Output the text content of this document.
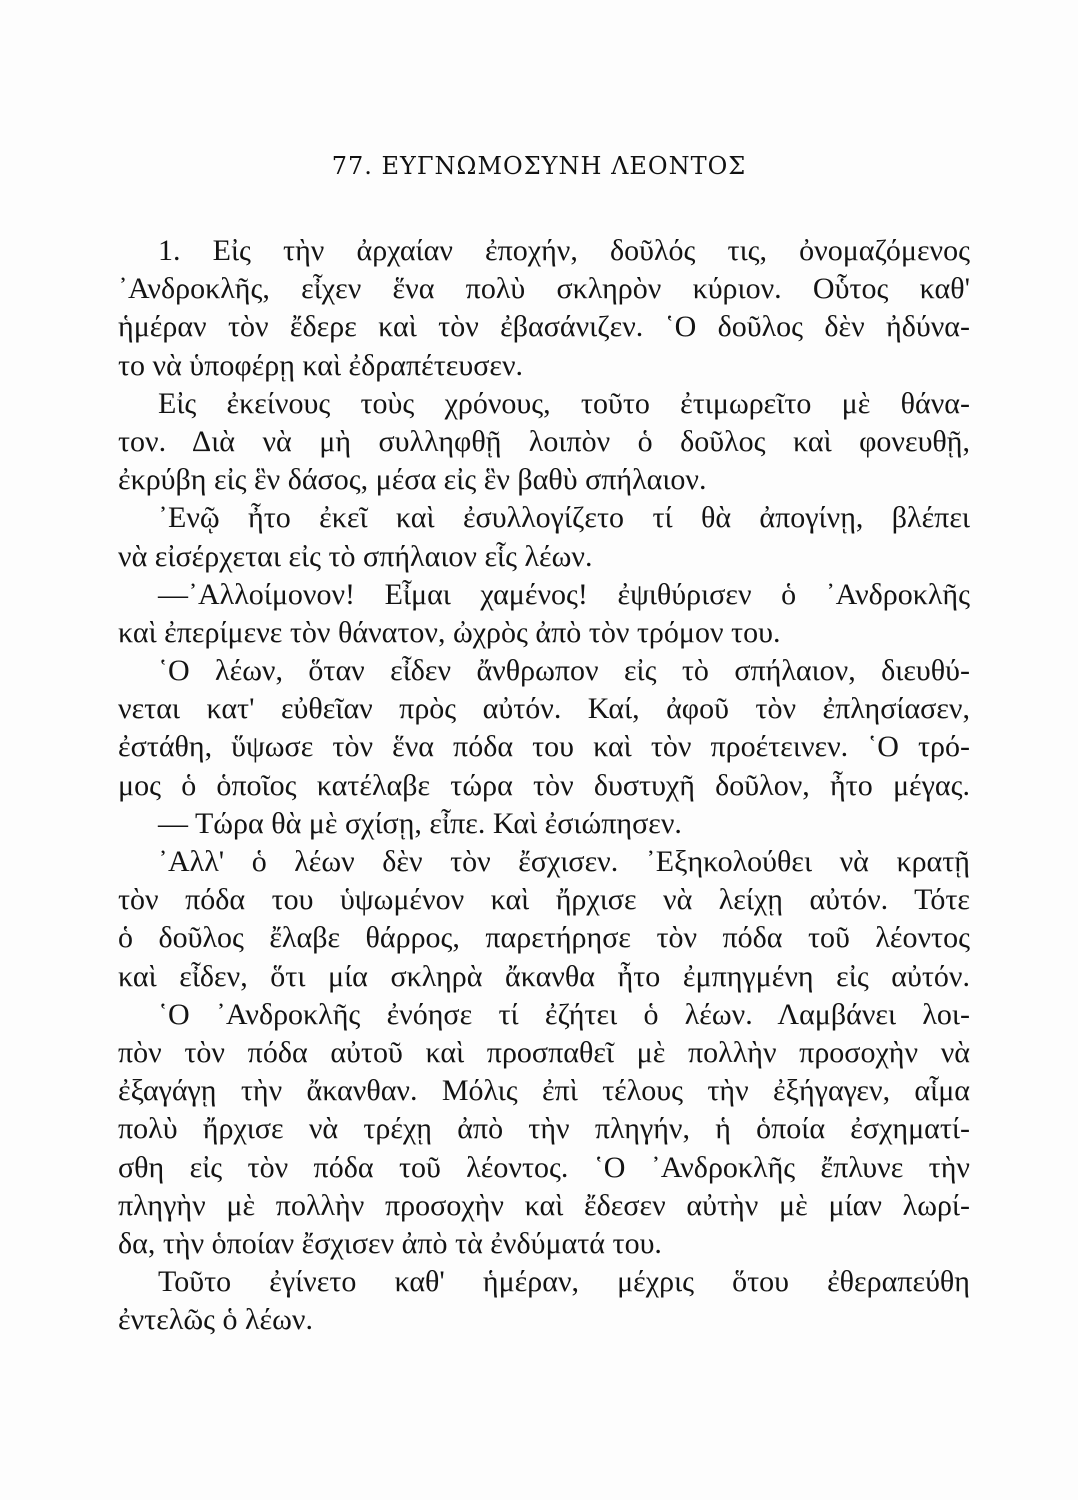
77. ΕΥΓΝΩΜΟΣΥΝΗ ΛΕΟΝΤΟΣ
1. Εἰς τὴν ἀρχαίαν ἐποχήν, δοῦλός τις, ὀνομαζόμενος
᾿Ανδροκλῆς, εἶχεν ἕνα πολὺ σκληρὸν κύριον. Οὗτος καθ'
ἡμέραν τὸν ἔδερε καὶ τὸν ἐβασάνιζεν. ῾Ο δοῦλος δὲν ἠδύνα-
το νὰ ὑποφέρῃ καὶ ἐδραπέτευσεν.
Εἰς ἐκείνους τοὺς χρόνους, τοῦτο ἐτιμωρεῖτο μὲ θάνα-
τον. Διὰ νὰ μὴ συλληφθῇ λοιπὸν ὁ δοῦλος καὶ φονευθῇ,
ἐκρύβη εἰς ἓν δάσος, μέσα εἰς ἓν βαθὺ σπήλαιον.
᾿Ενῷ ἦτο ἐκεῖ καὶ ἐσυλλογίζετο τί θὰ ἀπογίνῃ, βλέπει
νὰ εἰσέρχεται εἰς τὸ σπήλαιον εἷς λέων.
—᾿Αλλοίμονον! Εἶμαι χαμένος! ἐψιθύρισεν ὁ ᾿Ανδροκλῆς
καὶ ἐπερίμενε τὸν θάνατον, ὠχρὸς ἀπὸ τὸν τρόμον του.
῾Ο λέων, ὅταν εἶδεν ἄνθρωπον εἰς τὸ σπήλαιον, διευθύ-
νεται κατ' εὐθεῖαν πρὸς αὐτόν. Καί, ἀφοῦ τὸν ἐπλησίασεν,
ἐστάθη, ὕψωσε τὸν ἕνα πόδα του καὶ τὸν προέτεινεν. ῾Ο τρό-
μος ὁ ὁποῖος κατέλαβε τώρα τὸν δυστυχῆ δοῦλον, ἦτο μέγας.
— Τώρα θὰ μὲ σχίσῃ, εἶπε. Καὶ ἐσιώπησεν.
᾿Αλλ' ὁ λέων δὲν τὸν ἔσχισεν. ᾿Εξηκολούθει νὰ κρατῇ
τὸν πόδα του ὑψωμένον καὶ ἤρχισε νὰ λείχῃ αὐτόν. Τότε
ὁ δοῦλος ἔλαβε θάρρος, παρετήρησε τὸν πόδα τοῦ λέοντος
καὶ εἶδεν, ὅτι μία σκληρὰ ἄκανθα ἦτο ἐμπηγμένη εἰς αὐτόν.
῾Ο ᾿Ανδροκλῆς ἐνόησε τί ἐζήτει ὁ λέων. Λαμβάνει λοι-
πὸν τὸν πόδα αὐτοῦ καὶ προσπαθεῖ μὲ πολλὴν προσοχὴν νὰ
ἐξαγάγῃ τὴν ἄκανθαν. Μόλις ἐπὶ τέλους τὴν ἐξήγαγεν, αἷμα
πολὺ ἤρχισε νὰ τρέχῃ ἀπὸ τὴν πληγήν, ἡ ὁποία ἐσχηματί-
σθη εἰς τὸν πόδα τοῦ λέοντος. ῾Ο ᾿Ανδροκλῆς ἔπλυνε τὴν
πληγὴν μὲ πολλὴν προσοχὴν καὶ ἔδεσεν αὐτὴν μὲ μίαν λωρί-
δα, τὴν ὁποίαν ἔσχισεν ἀπὸ τὰ ἐνδύματά του.
Τοῦτο ἐγίνετο καθ' ἡμέραν, μέχρις ὅτου ἐθεραπεύθη
ἐντελῶς ὁ λέων.
